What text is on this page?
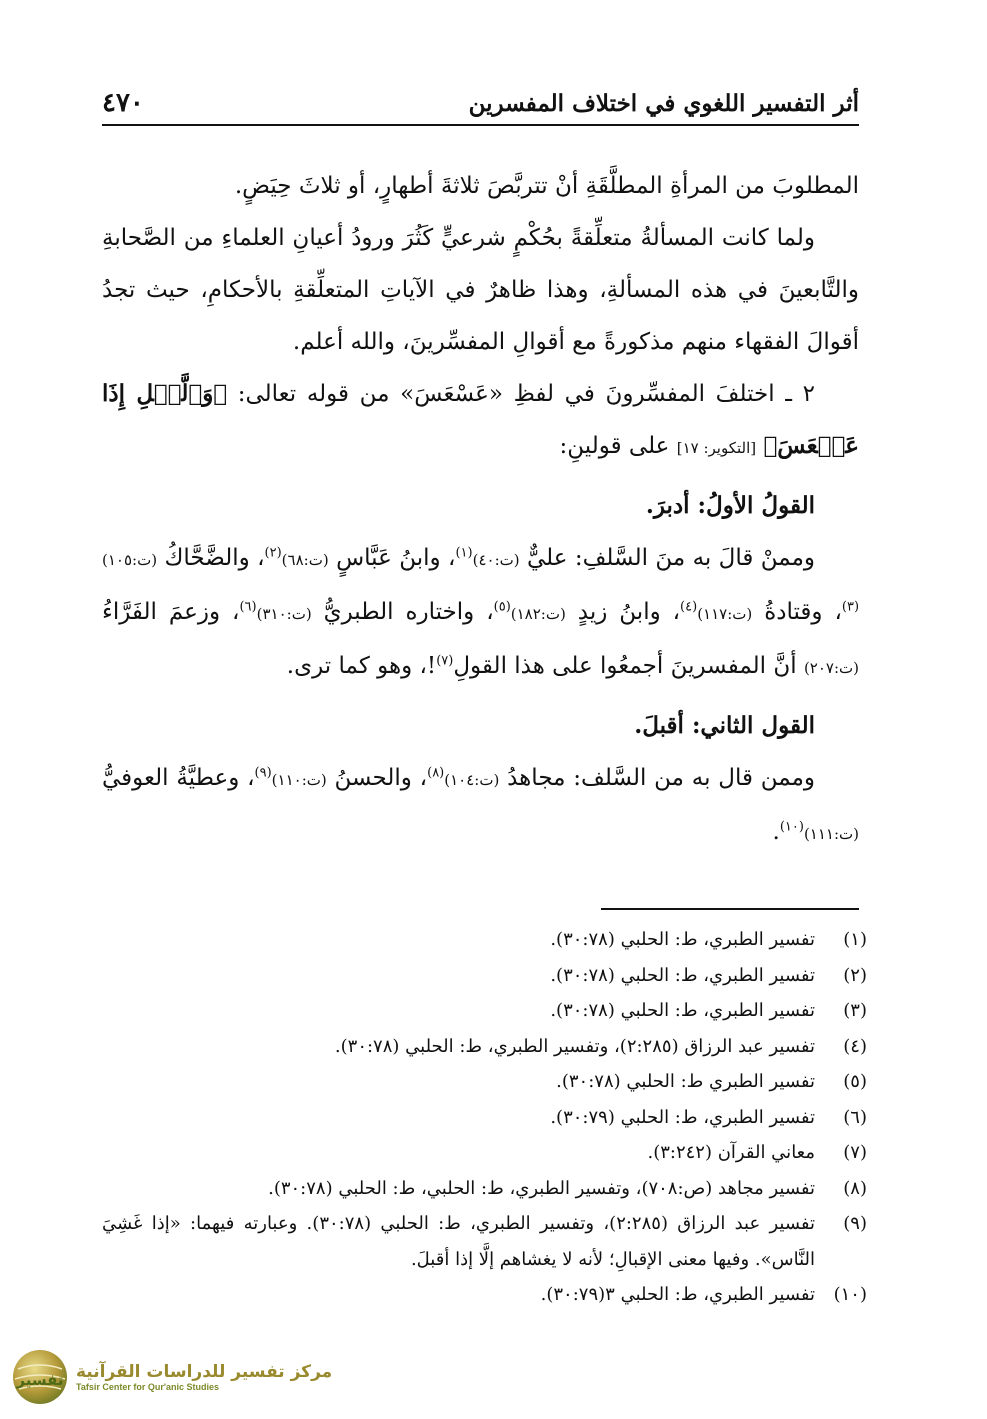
أثر التفسير اللغوي في اختلاف المفسرين
٤٧٠

المطلوبَ من المرأةِ المطلَّقَةِ أنْ تتربَّصَ ثلاثةَ أطهارٍ، أو ثلاثَ حِيَضٍ.

ولما كانت المسألةُ متعلِّقةً بحُكْمٍ شرعيٍّ كَثُرَ ورودُ أعيانِ العلماءِ من الصَّحابةِ والتَّابعينَ في هذه المسألةِ، وهذا ظاهرٌ في الآياتِ المتعلِّقةِ بالأحكامِ، حيث تجدُ أقوالَ الفقهاء منهم مذكورةً مع أقوالِ المفسِّرينَ، والله أعلم.

٢ ـ اختلفَ المفسِّرونَ في لفظِ «عَسْعَسَ» من قوله تعالى: ﴿وَٱلَّيۡلِ إِذَا عَسۡعَسَ﴾ [التكوير: ١٧] على قولينِ:

القولُ الأولُ: أدبرَ.

وممنْ قالَ به منَ السَّلفِ: عليٌّ (ت:٤٠)$^{(١)}$، وابنُ عَبَّاسٍ (ت:٦٨)$^{(٢)}$، والضَّحَّاكُ (ت:١٠٥)$^{(٣)}$، وقتادةُ (ت:١١٧)$^{(٤)}$، وابنُ زيدٍ (ت:١٨٢)$^{(٥)}$، واختاره الطبريُّ (ت:٣١٠)$^{(٦)}$، وزعمَ الفَرَّاءُ (ت:٢٠٧) أنَّ المفسرينَ أجمعُوا على هذا القولِ$^{(٧)}$!، وهو كما ترى.

القول الثاني: أقبلَ.

وممن قال به من السَّلف: مجاهدُ (ت:١٠٤)$^{(٨)}$، والحسنُ (ت:١١٠)$^{(٩)}$، وعطيَّةُ العوفيُّ (ت:١١١)$^{(١٠)}$.

(١)
تفسير الطبري، ط: الحلبي (٣٠:٧٨).
(٢)
تفسير الطبري، ط: الحلبي (٣٠:٧٨).
(٣)
تفسير الطبري، ط: الحلبي (٣٠:٧٨).
(٤)
تفسير عبد الرزاق (٢:٢٨٥)، وتفسير الطبري، ط: الحلبي (٣٠:٧٨).
(٥)
تفسير الطبري ط: الحلبي (٣٠:٧٨).
(٦)
تفسير الطبري، ط: الحلبي (٣٠:٧٩).
(٧)
معاني القرآن (٣:٢٤٢).
(٨)
تفسير مجاهد (ص:٧٠٨)، وتفسير الطبري، ط: الحلبي، ط: الحلبي (٣٠:٧٨).
(٩)
تفسير عبد الرزاق (٢:٢٨٥)، وتفسير الطبري، ط: الحلبي (٣٠:٧٨). وعبارته فيهما: «إذا غَشِيَ النَّاس». وفيها معنى الإقبالِ؛ لأنه لا يغشاهم إلَّا إذا أقبلَ.
(١٠)
تفسير الطبري، ط: الحلبي ٣(٣٠:٧٩).
تفسير مركز تفسير للدراسات القرآنية
Tafsir Center for Qur'anic Studies
